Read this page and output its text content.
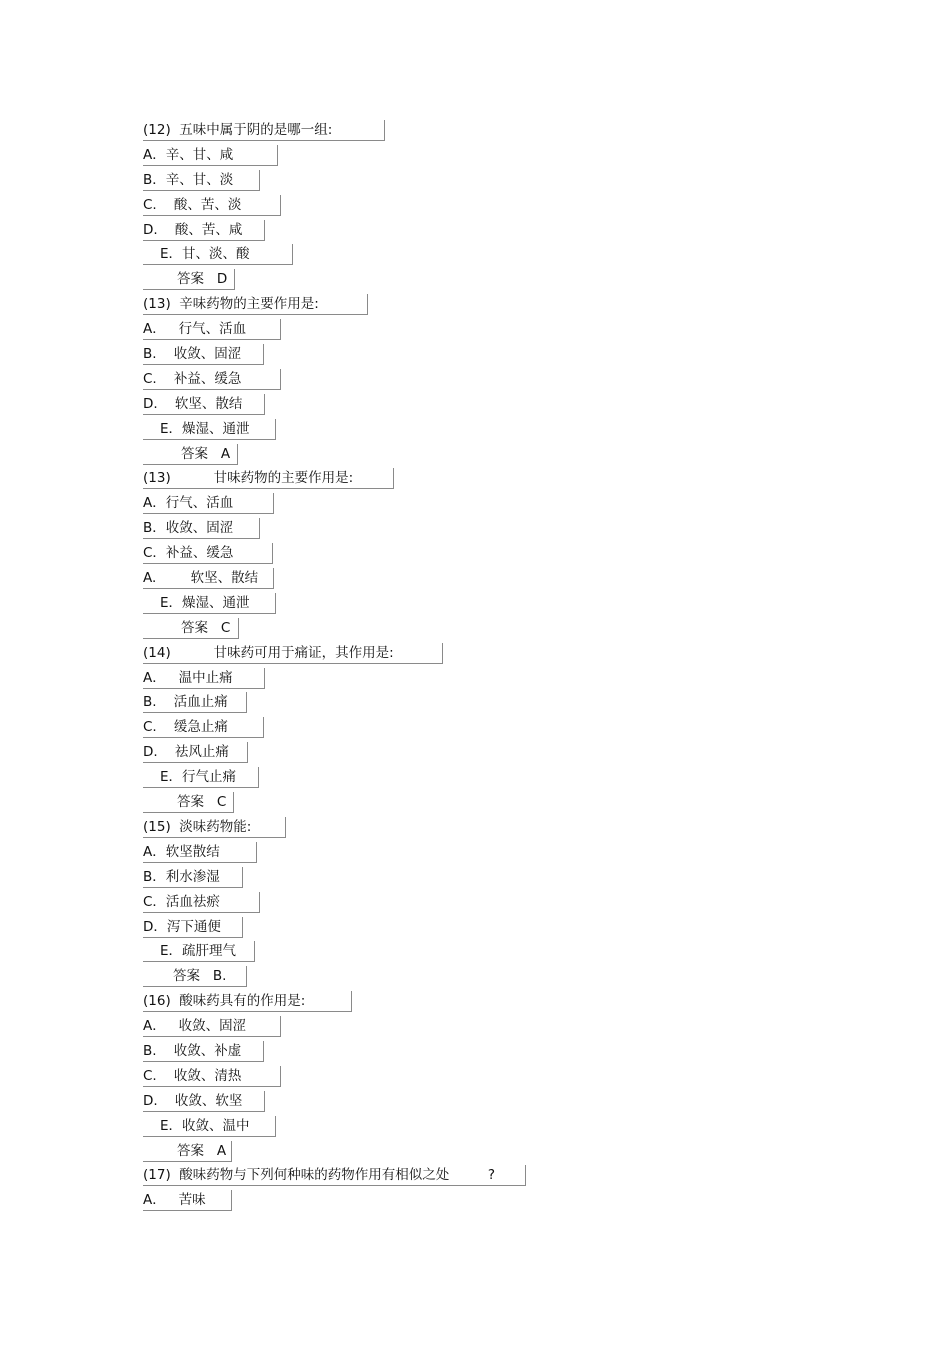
(12)  五味中属于阴的是哪一组:
A．辛、甘、咸
B．辛、甘、淡
C.    酸、苦、淡
D.    酸、苦、咸
E．甘、淡、酸
答案   D
(13)  辛味药物的主要作用是:
A．   行气、活血
B.    收敛、固涩
C.    补益、缓急
D.    软坚、散结
E．燥湿、通泄
答案   A
(13)          甘味药物的主要作用是:
A．行气、活血
B．收敛、固涩
C．补益、缓急
A.        软坚、散结
E．燥湿、通泄
答案   C
(14)          甘味药可用于痛证，其作用是:
A．   温中止痛
B.    活血止痛
C.    缓急止痛
D.    祛风止痛
E．行气止痛
答案   C
(15)  淡味药物能:
A．软坚散结
B．利水渗湿
C．活血祛瘀
D．泻下通便
E．疏肝理气
答案   B.
(16)  酸味药具有的作用是:
A．   收敛、固涩
B.    收敛、补虚
C.    收敛、清热
D.    收敛、软坚
E．收敛、温中
答案   A
(17)  酸味药物与下列何种味的药物作用有相似之处         ?
A．   苦味
